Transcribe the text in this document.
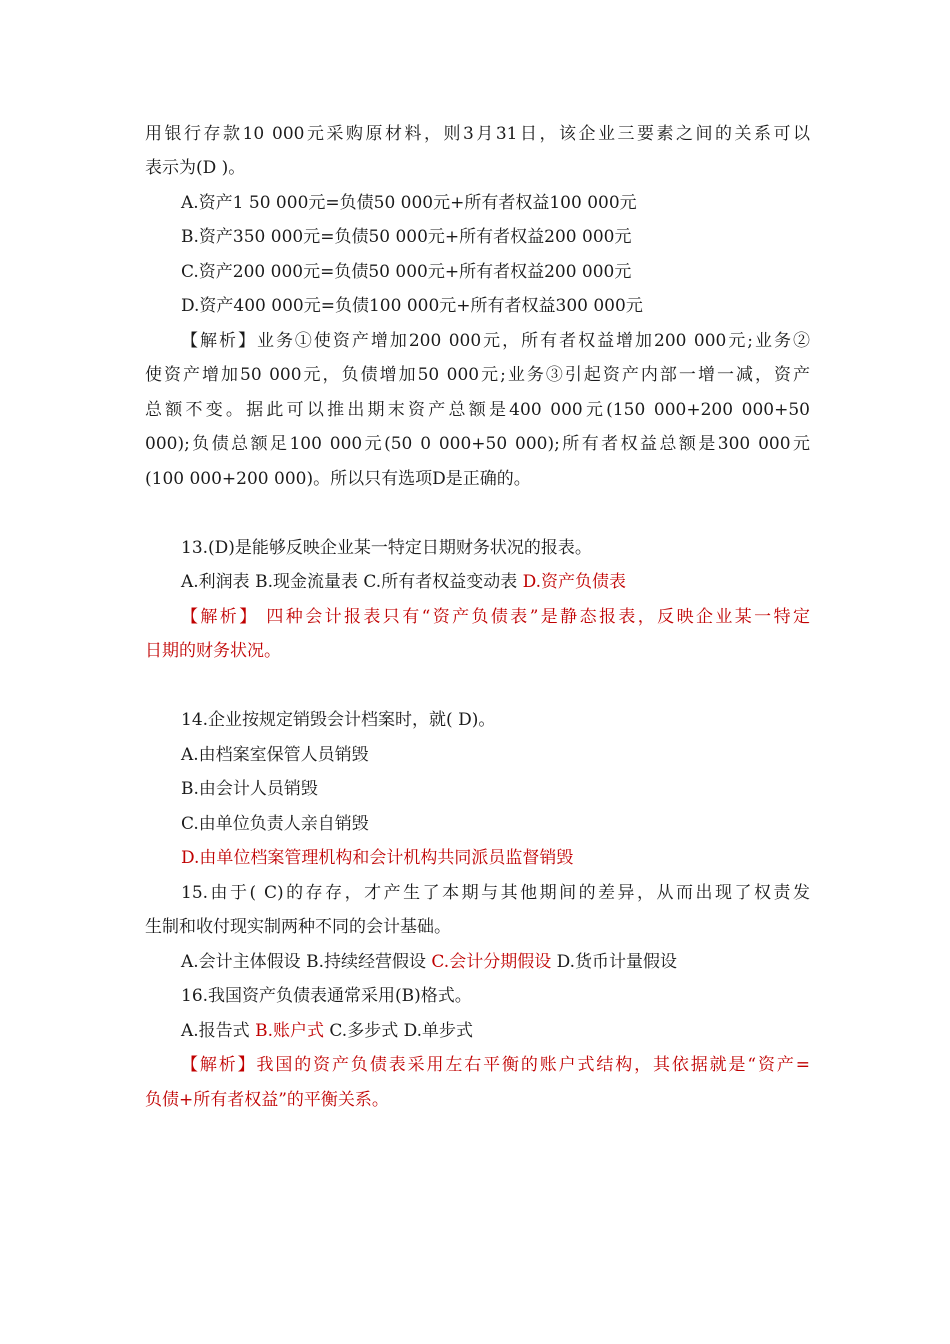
用银行存款10 000元采购原材料，则3月31日，该企业三要素之间的关系可以
表示为(D )。
A.资产1 50 000元=负债50 000元+所有者权益100 000元
B.资产350 000元=负债50 000元+所有者权益200 000元
C.资产200 000元=负债50 000元+所有者权益200 000元
D.资产400 000元=负债100 000元+所有者权益300 000元
【解析】业务①使资产增加200 000元，所有者权益增加200 000元;业务②
使资产增加50 000元，负债增加50 000元;业务③引起资产内部一增一减，资产
总额不变。据此可以推出期末资产总额是400 000元(150 000+200 000+50
000);负债总额足100 000元(50 0 000+50 000);所有者权益总额是300 000元
(100 000+200 000)。所以只有选项D是正确的。
13.(D)是能够反映企业某一特定日期财务状况的报表。
A.利润表 B.现金流量表 C.所有者权益变动表 D.资产负债表
【解析】 四种会计报表只有“资产负债表”是静态报表，反映企业某一特定
日期的财务状况。
14.企业按规定销毁会计档案时，就( D)。
A.由档案室保管人员销毁
B.由会计人员销毁
C.由单位负责人亲自销毁
D.由单位档案管理机构和会计机构共同派员监督销毁
15.由于( C)的存存，才产生了本期与其他期间的差异，从而出现了权责发
生制和收付现实制两种不同的会计基础。
A.会计主体假设 B.持续经营假设 C.会计分期假设 D.货币计量假设
16.我国资产负债表通常采用(B)格式。
A.报告式 B.账户式 C.多步式 D.单步式
【解析】我国的资产负债表采用左右平衡的账户式结构，其依据就是“资产=
负债+所有者权益”的平衡关系。
